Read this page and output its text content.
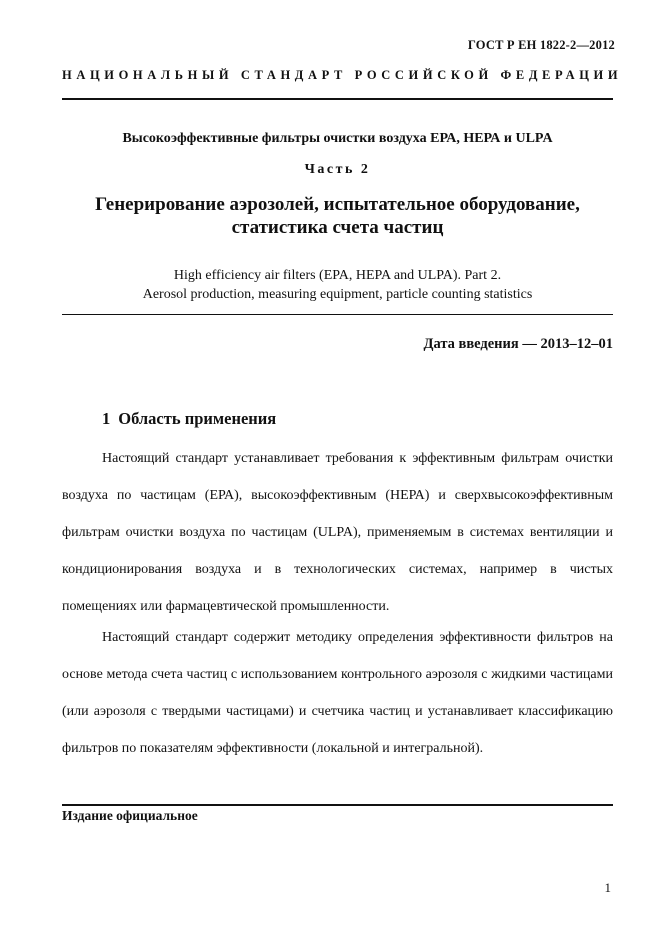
ГОСТ Р ЕН 1822-2—2012
НАЦИОНАЛЬНЫЙ СТАНДАРТ РОССИЙСКОЙ ФЕДЕРАЦИИ
Высокоэффективные фильтры очистки воздуха ЕРА, НЕРА и ULPA
Часть 2
Генерирование аэрозолей, испытательное оборудование,
статистика счета частиц
High efficiency air filters (EPA, HEPA and ULPA). Part 2.
Aerosol production, measuring equipment, particle counting statistics
Дата введения — 2013–12–01
1 Область применения

Настоящий стандарт устанавливает требования к эффективным фильтрам очистки воздуха по частицам (ЕРА), высокоэффективным (НЕРА) и сверхвысокоэффективным фильтрам очистки воздуха по частицам (ULPA), применяемым в системах вентиляции и кондиционирования воздуха и в технологических системах, например в чистых помещениях или фармацевтической промышленности.

Настоящий стандарт содержит методику определения эффективности фильтров на основе метода счета частиц с использованием контрольного аэрозоля с жидкими частицами (или аэрозоля с твердыми частицами) и счетчика частиц и устанавливает классификацию фильтров по показателям эффективности (локальной и интегральной).

Издание официальное
1
